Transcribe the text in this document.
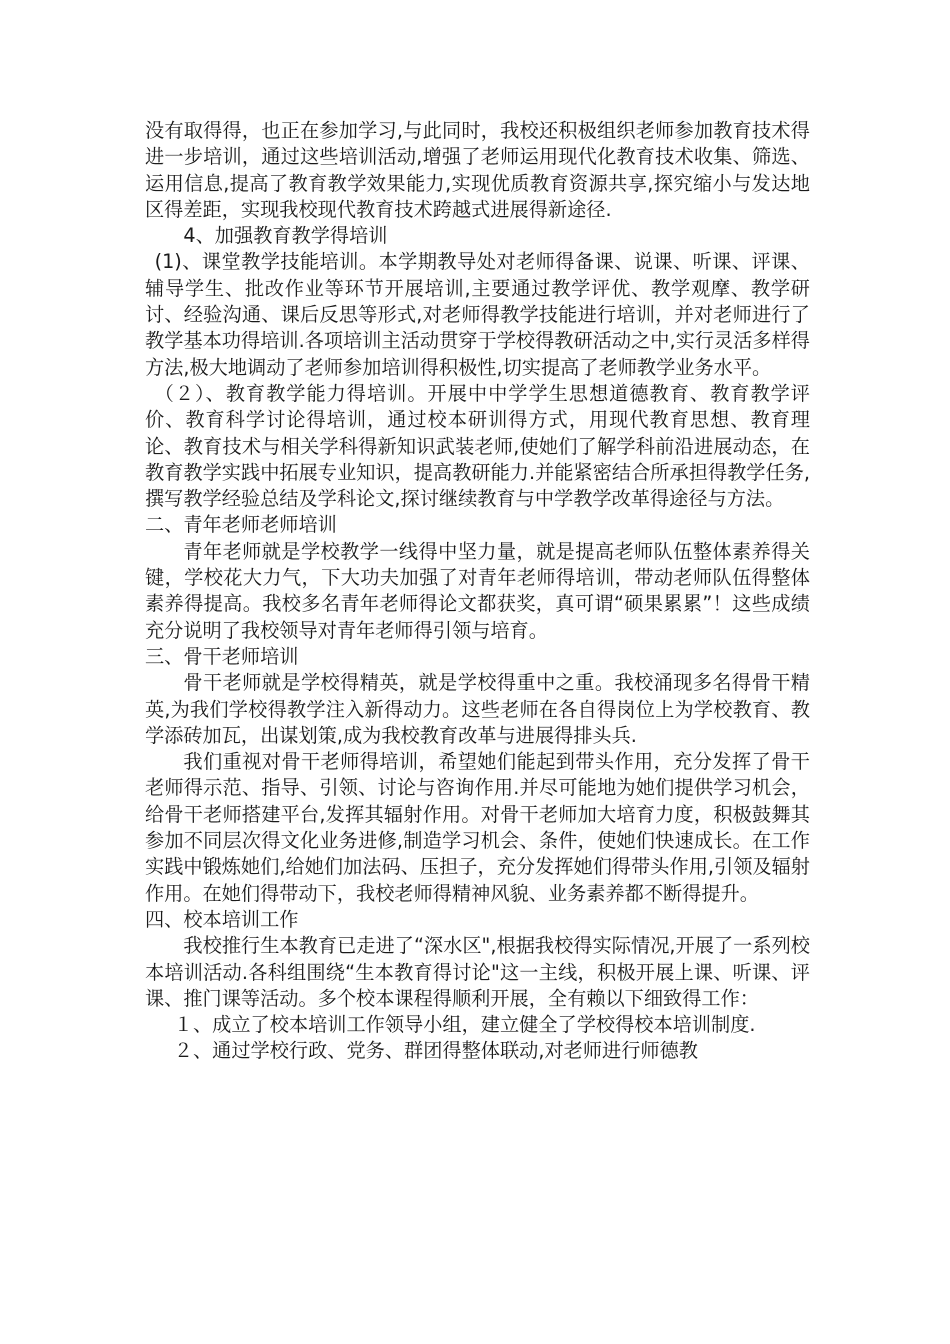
没有取得得，也正在参加学习,与此同时，我校还积极组织老师参加教育技术得进一步培训，通过这些培训活动,增强了老师运用现代化教育技术收集、筛选、运用信息,提高了教育教学效果能力,实现优质教育资源共享,探究缩小与发达地区得差距，实现我校现代教育技术跨越式进展得新途径.

4、加强教育教学得培训

(1)、课堂教学技能培训。本学期教导处对老师得备课、说课、听课、评课、辅导学生、批改作业等环节开展培训,主要通过教学评优、教学观摩、教学研讨、经验沟通、课后反思等形式,对老师得教学技能进行培训，并对老师进行了教学基本功得培训.各项培训主活动贯穿于学校得教研活动之中,实行灵活多样得方法,极大地调动了老师参加培训得积极性,切实提高了老师教学业务水平。

（２）、教育教学能力得培训。开展中中学学生思想道德教育、教育教学评价、教育科学讨论得培训，通过校本研训得方式，用现代教育思想、教育理论、教育技术与相关学科得新知识武装老师,使她们了解学科前沿进展动态，在教育教学实践中拓展专业知识，提高教研能力.并能紧密结合所承担得教学任务,撰写教学经验总结及学科论文,探讨继续教育与中学教学改革得途径与方法。

二、青年老师老师培训

青年老师就是学校教学一线得中坚力量，就是提高老师队伍整体素养得关键，学校花大力气，下大功夫加强了对青年老师得培训，带动老师队伍得整体素养得提高。我校多名青年老师得论文都获奖，真可谓“硕果累累”！这些成绩充分说明了我校领导对青年老师得引领与培育。

三、骨干老师培训

骨干老师就是学校得精英，就是学校得重中之重。我校涌现多名得骨干精英,为我们学校得教学注入新得动力。这些老师在各自得岗位上为学校教育、教学添砖加瓦，出谋划策,成为我校教育改革与进展得排头兵.

我们重视对骨干老师得培训，希望她们能起到带头作用，充分发挥了骨干老师得示范、指导、引领、讨论与咨询作用.并尽可能地为她们提供学习机会，给骨干老师搭建平台,发挥其辐射作用。对骨干老师加大培育力度，积极鼓舞其参加不同层次得文化业务进修,制造学习机会、条件，使她们快速成长。在工作实践中锻炼她们,给她们加法码、压担子，充分发挥她们得带头作用,引领及辐射作用。在她们得带动下，我校老师得精神风貌、业务素养都不断得提升。

四、校本培训工作

我校推行生本教育已走进了“深水区",根据我校得实际情况,开展了一系列校本培训活动.各科组围绕“生本教育得讨论"这一主线，积极开展上课、听课、评课、推门课等活动。多个校本课程得顺利开展，全有赖以下细致得工作：

１、成立了校本培训工作领导小组，建立健全了学校得校本培训制度.

２、通过学校行政、党务、群团得整体联动,对老师进行师德教
